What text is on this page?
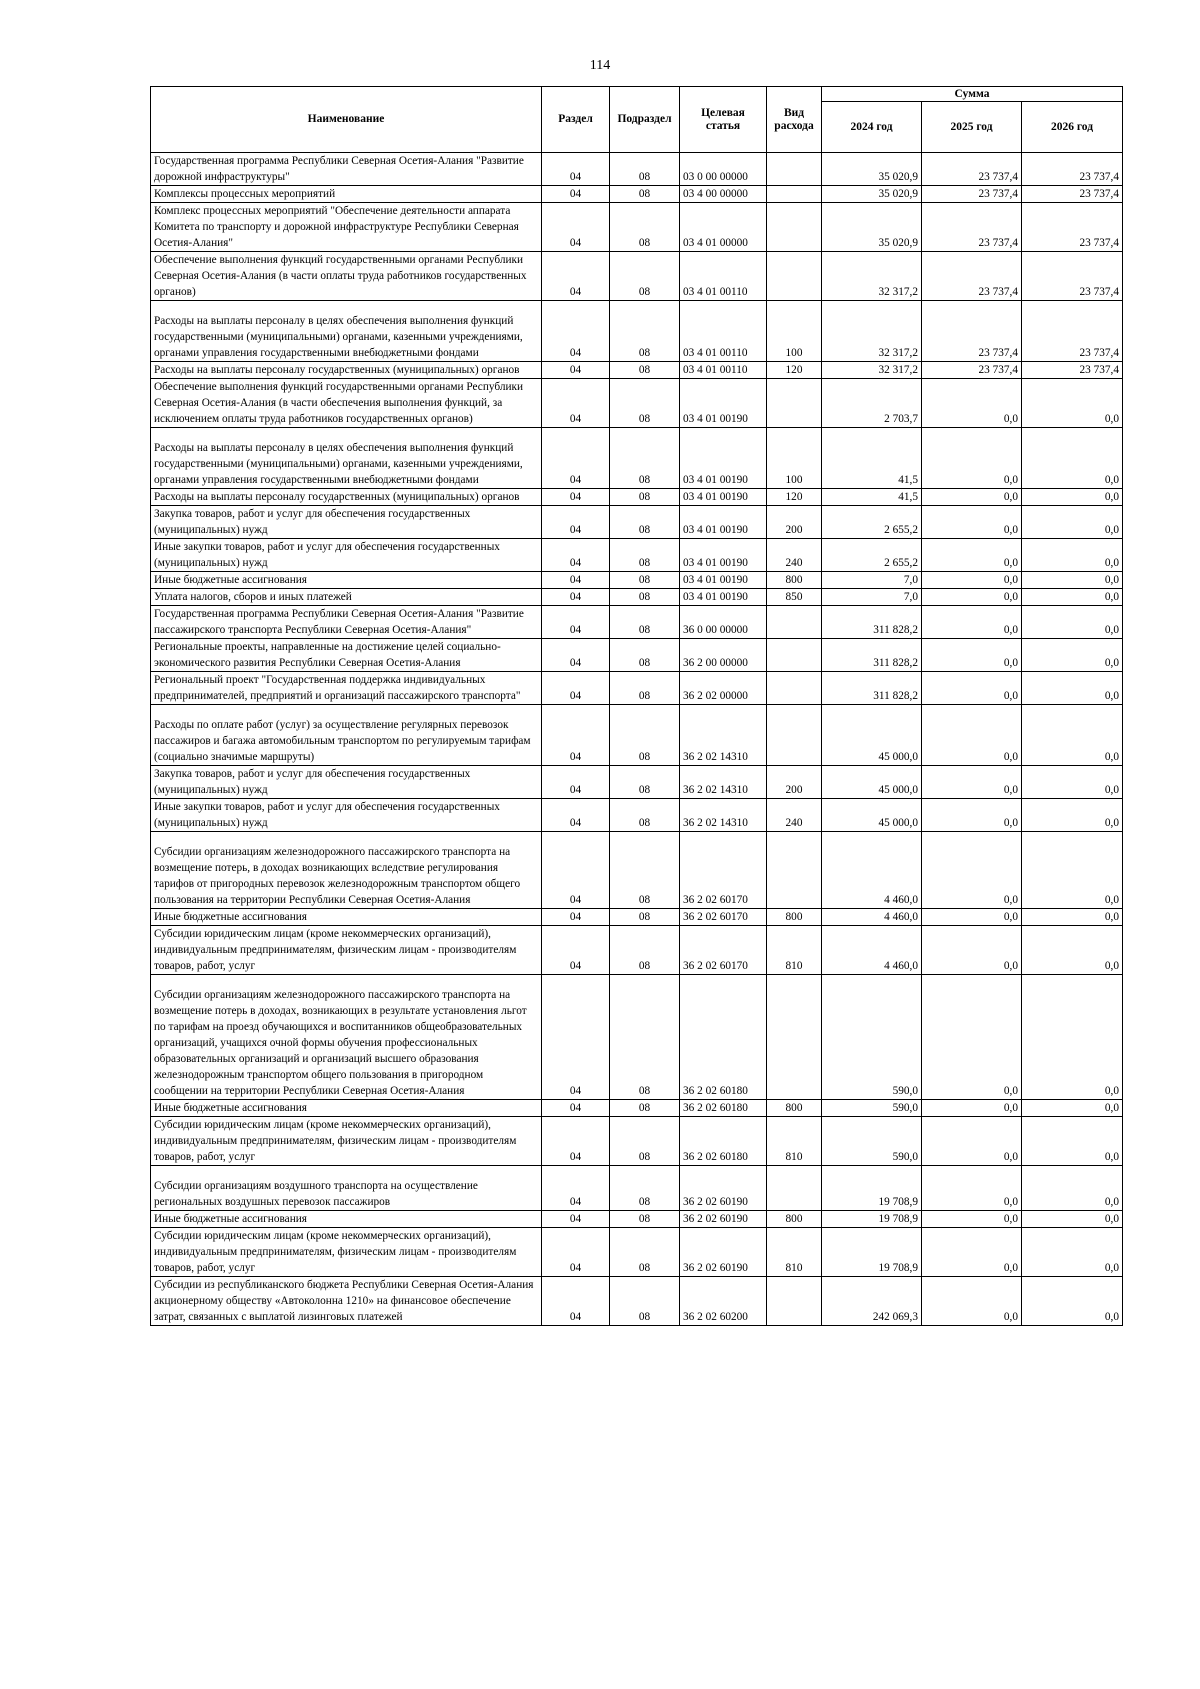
114
Наименование	Раздел	Подраздел	Целевая статья	Вид расхода	Сумма		
					2024 год	2025 год	2026 год

Государственная программа Республики Северная Осетия-Алания "Развитие дорожной инфраструктуры"	04	08	03 0 00 00000		35 020,9	23 737,4	23 737,4

Комплексы процессных мероприятий	04	08	03 4 00 00000		35 020,9	23 737,4	23 737,4

Комплекс процессных мероприятий "Обеспечение деятельности аппарата Комитета по транспорту и дорожной инфраструктуре Республики Северная Осетия-Алания"	04	08	03 4 01 00000		35 020,9	23 737,4	23 737,4

Обеспечение выполнения функций государственными органами Республики Северная Осетия-Алания (в части оплаты труда работников государственных органов)	04	08	03 4 01 00110		32 317,2	23 737,4	23 737,4

Расходы на выплаты персоналу в целях обеспечения выполнения функций государственными (муниципальными) органами, казенными учреждениями, органами управления государственными внебюджетными фондами	04	08	03 4 01 00110	100	32 317,2	23 737,4	23 737,4

Расходы на выплаты персоналу государственных (муниципальных) органов	04	08	03 4 01 00110	120	32 317,2	23 737,4	23 737,4

Обеспечение выполнения функций государственными органами Республики Северная Осетия-Алания (в части обеспечения выполнения функций, за исключением оплаты труда работников государственных органов)	04	08	03 4 01 00190		2 703,7	0,0	0,0

Расходы на выплаты персоналу в целях обеспечения выполнения функций государственными (муниципальными) органами, казенными учреждениями, органами управления государственными внебюджетными фондами	04	08	03 4 01 00190	100	41,5	0,0	0,0

Расходы на выплаты персоналу государственных (муниципальных) органов	04	08	03 4 01 00190	120	41,5	0,0	0,0

Закупка товаров, работ и услуг для обеспечения государственных (муниципальных) нужд	04	08	03 4 01 00190	200	2 655,2	0,0	0,0

Иные закупки товаров, работ и услуг для обеспечения государственных (муниципальных) нужд	04	08	03 4 01 00190	240	2 655,2	0,0	0,0

Иные бюджетные ассигнования	04	08	03 4 01 00190	800	7,0	0,0	0,0

Уплата налогов, сборов и иных платежей	04	08	03 4 01 00190	850	7,0	0,0	0,0

Государственная программа Республики Северная Осетия-Алания "Развитие пассажирского транспорта Республики Северная Осетия-Алания"	04	08	36 0 00 00000		311 828,2	0,0	0,0

Региональные проекты, направленные на достижение целей социально-экономического развития Республики Северная Осетия-Алания	04	08	36 2 00 00000		311 828,2	0,0	0,0

Региональный проект "Государственная поддержка индивидуальных предпринимателей, предприятий и организаций пассажирского транспорта"	04	08	36 2 02 00000		311 828,2	0,0	0,0

Расходы по оплате работ (услуг) за осуществление регулярных перевозок пассажиров и багажа автомобильным транспортом по регулируемым тарифам (социально значимые маршруты)	04	08	36 2 02 14310		45 000,0	0,0	0,0

Закупка товаров, работ и услуг для обеспечения государственных (муниципальных) нужд	04	08	36 2 02 14310	200	45 000,0	0,0	0,0

Иные закупки товаров, работ и услуг для обеспечения государственных (муниципальных) нужд	04	08	36 2 02 14310	240	45 000,0	0,0	0,0

Субсидии организациям железнодорожного пассажирского транспорта на возмещение потерь, в доходах возникающих вследствие регулирования тарифов от пригородных перевозок железнодорожным транспортом общего пользования на территории Республики Северная Осетия-Алания	04	08	36 2 02 60170		4 460,0	0,0	0,0

Иные бюджетные ассигнования	04	08	36 2 02 60170	800	4 460,0	0,0	0,0

Субсидии юридическим лицам (кроме некоммерческих организаций), индивидуальным предпринимателям, физическим лицам - производителям товаров, работ, услуг	04	08	36 2 02 60170	810	4 460,0	0,0	0,0

Субсидии организациям железнодорожного пассажирского транспорта на возмещение потерь в доходах, возникающих в результате установления льгот по тарифам на проезд обучающихся и воспитанников общеобразовательных организаций, учащихся очной формы обучения профессиональных образовательных организаций и организаций высшего образования железнодорожным транспортом общего пользования в пригородном сообщении на территории Республики Северная Осетия-Алания	04	08	36 2 02 60180		590,0	0,0	0,0

Иные бюджетные ассигнования	04	08	36 2 02 60180	800	590,0	0,0	0,0

Субсидии юридическим лицам (кроме некоммерческих организаций), индивидуальным предпринимателям, физическим лицам - производителям товаров, работ, услуг	04	08	36 2 02 60180	810	590,0	0,0	0,0

Субсидии организациям воздушного транспорта на осуществление региональных воздушных перевозок пассажиров	04	08	36 2 02 60190		19 708,9	0,0	0,0

Иные бюджетные ассигнования	04	08	36 2 02 60190	800	19 708,9	0,0	0,0

Субсидии юридическим лицам (кроме некоммерческих организаций), индивидуальным предпринимателям, физическим лицам - производителям товаров, работ, услуг	04	08	36 2 02 60190	810	19 708,9	0,0	0,0

Субсидии из республиканского бюджета Республики Северная Осетия-Алания акционерному обществу «Автоколонна 1210» на финансовое обеспечение затрат, связанных с выплатой лизинговых платежей	04	08	36 2 02 60200		242 069,3	0,0	0,0
